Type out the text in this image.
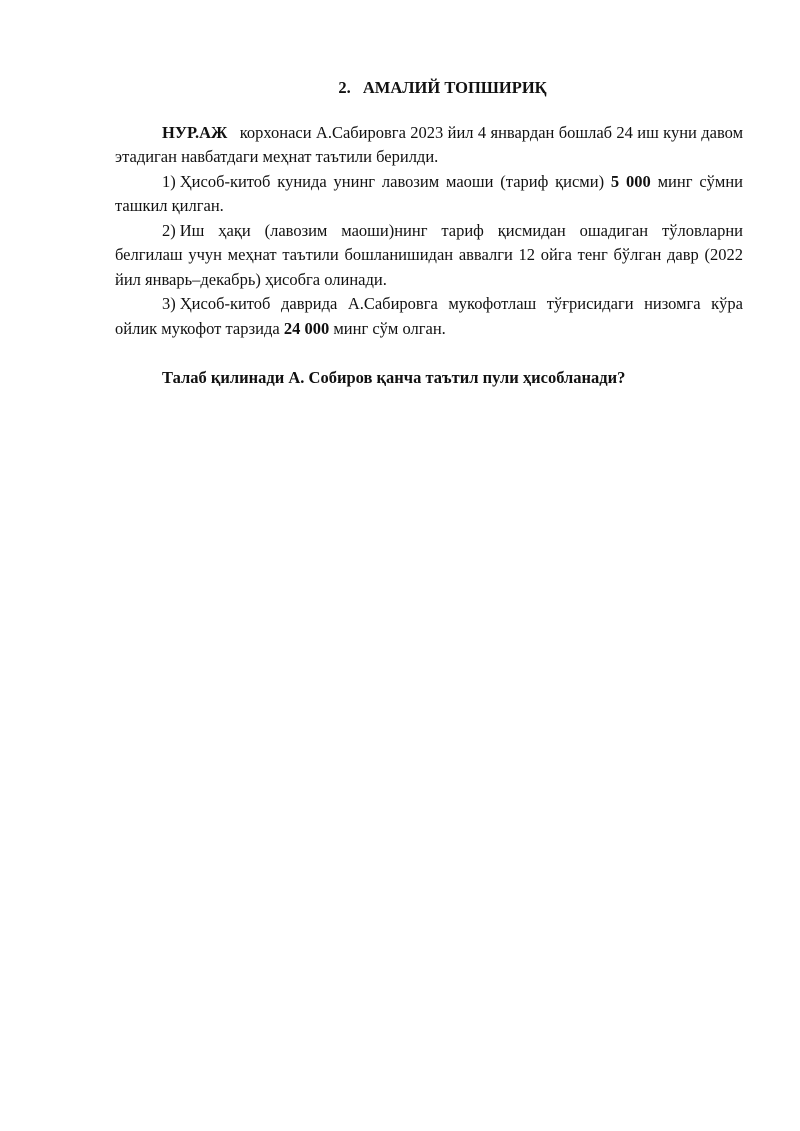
2. АМАЛИЙ ТОПШИРИҚ

НУР.АЖ корхонаси А.Сабировга 2023 йил 4 январдан бошлаб 24 иш куни давом этадиган навбатдаги меҳнат таътили берилди.

1) Ҳисоб-китоб кунида унинг лавозим маоши (тариф қисми) 5 000 минг сўмни ташкил қилган.

2) Иш ҳақи (лавозим маоши)нинг тариф қисмидан ошадиган тўловларни белгилаш учун меҳнат таътили бошланишидан аввалги 12 ойга тенг бўлган давр (2022 йил январь–декабрь) ҳисобга олинади.

3) Ҳисоб-китоб даврида А.Сабировга мукофотлаш тўғрисидаги низомга кўра ойлик мукофот тарзида 24 000 минг сўм олган.

Талаб қилинади А. Собиров қанча таътил пули ҳисобланади?
